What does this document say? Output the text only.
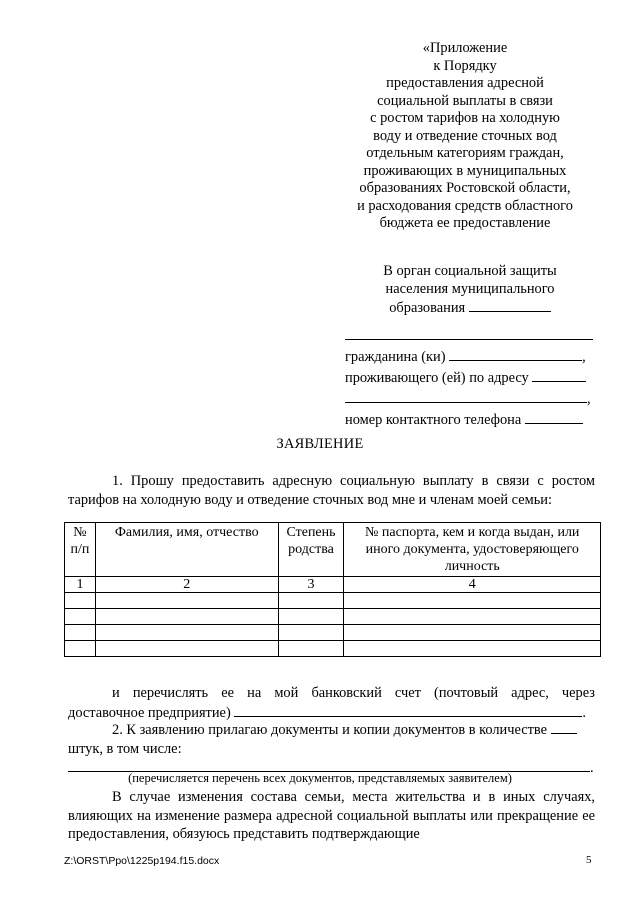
«Приложение
к Порядку
предоставления адресной
социальной выплаты в связи
с ростом тарифов на холодную
воду и отведение сточных вод
отдельным категориям граждан,
проживающих в муниципальных
образованиях Ростовской области,
и расходования средств областного
бюджета ее предоставление
В орган социальной защиты
населения муниципального
образования
гражданина (ки)	,
проживающего (ей) по адресу
,
номер контактного телефона
ЗАЯВЛЕНИЕ
1. Прошу предоставить адресную социальную выплату в связи с ростом тарифов на холодную воду и отведение сточных вод мне и членам моей семьи:
№ п/п	Фамилия, имя, отчество	Степень родства	№ паспорта, кем и когда выдан, или иного документа, удостоверяющего личность
1	2	3	4

и перечислять ее на мой банковский счет (почтовый адрес, через
доставочное предприятие)	.
2. К заявлению прилагаю документы и копии документов в количестве
штук, в том числе:
.
(перечисляется перечень всех документов, представляемых заявителем)
В случае изменения состава семьи, места жительства и в иных случаях, влияющих на изменение размера адресной социальной выплаты или прекращение ее предоставления, обязуюсь представить подтверждающие
Z:\ORST\Ppo\1225p194.f15.docx	5
